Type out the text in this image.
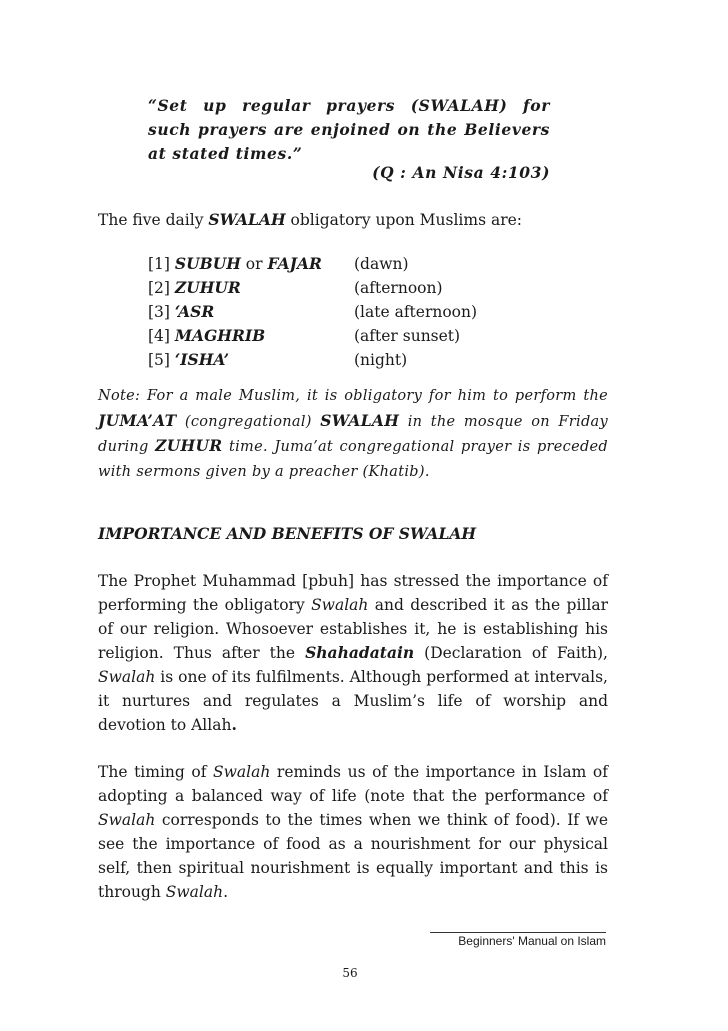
“Set up regular prayers (SWALAH) for such prayers are enjoined on the Believers at stated times.”
(Q : An Nisa 4:103)
The five daily SWALAH obligatory upon Muslims are:
[1] SUBUH or FAJAR (dawn)
[2] ZUHUR	(afternoon)
[3] ‘ASR	(late afternoon)
[4] MAGHRIB	(after sunset)
[5] ‘ISHA’	(night)
Note: For a male Muslim, it is obligatory for him to perform the JUMA’AT (congregational) SWALAH in the mosque on Friday during ZUHUR time. Juma’at congregational prayer is preceded with sermons given by a preacher (Khatib).
IMPORTANCE AND BENEFITS OF SWALAH
The Prophet Muhammad [pbuh] has stressed the importance of performing the obligatory Swalah and described it as the pillar of our religion. Whosoever establishes it, he is establishing his religion. Thus after the Shahadatain (Declaration of Faith), Swalah is one of its fulfilments. Although performed at intervals, it nurtures and regulates a Muslim’s life of worship and devotion to Allah.
The timing of Swalah reminds us of the importance in Islam of adopting a balanced way of life (note that the performance of Swalah corresponds to the times when we think of food). If we see the importance of food as a nourishment for our physical self, then spiritual nourishment is equally important and this is through Swalah.
Beginners' Manual on Islam
56
